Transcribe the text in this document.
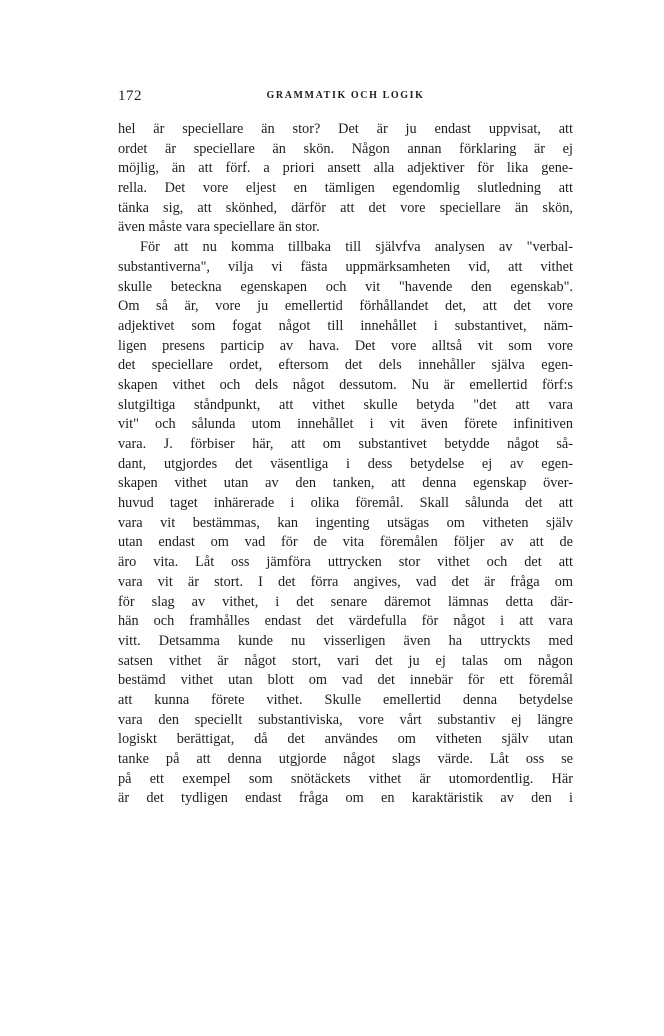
172	GRAMMATIK OCH LOGIK
hel är speciellare än stor? Det är ju endast uppvisat, att
ordet är speciellare än skön. Någon annan förklaring är ej
möjlig, än att förf. a priori ansett alla adjektiver för lika gene-
rella. Det vore eljest en tämligen egendomlig slutledning att
tänka sig, att skönhed, därför att det vore speciellare än skön,
även måste vara speciellare än stor.
För att nu komma tillbaka till självfva analysen av "verbal-
substantiverna", vilja vi fästa uppmärksamheten vid, att vithet
skulle beteckna egenskapen och vit "havende den egenskab".
Om så är, vore ju emellertid förhållandet det, att det vore
adjektivet som fogat något till innehållet i substantivet, näm-
ligen presens particip av hava. Det vore alltså vit som vore
det speciellare ordet, eftersom det dels innehåller själva egen-
skapen vithet och dels något dessutom. Nu är emellertid förf:s
slutgiltiga ståndpunkt, att vithet skulle betyda "det att vara
vit" och sålunda utom innehållet i vit även förete infinitiven
vara. J. förbiser här, att om substantivet betydde något så-
dant, utgjordes det väsentliga i dess betydelse ej av egen-
skapen vithet utan av den tanken, att denna egenskap över-
huvud taget inhärerade i olika föremål. Skall sålunda det att
vara vit bestämmas, kan ingenting utsägas om vitheten själv
utan endast om vad för de vita föremålen följer av att de
äro vita. Låt oss jämföra uttrycken stor vithet och det att
vara vit är stort. I det förra angives, vad det är fråga om
för slag av vithet, i det senare däremot lämnas detta där-
hän och framhålles endast det värdefulla för något i att vara
vitt. Detsamma kunde nu visserligen även ha uttryckts med
satsen vithet är något stort, vari det ju ej talas om någon
bestämd vithet utan blott om vad det innebär för ett föremål
att kunna förete vithet. Skulle emellertid denna betydelse
vara den speciellt substantiviska, vore vårt substantiv ej längre
logiskt berättigat, då det användes om vitheten själv utan
tanke på att denna utgjorde något slags värde. Låt oss se
på ett exempel som snötäckets vithet är utomordentlig. Här
är det tydligen endast fråga om en karaktäristik av den i
